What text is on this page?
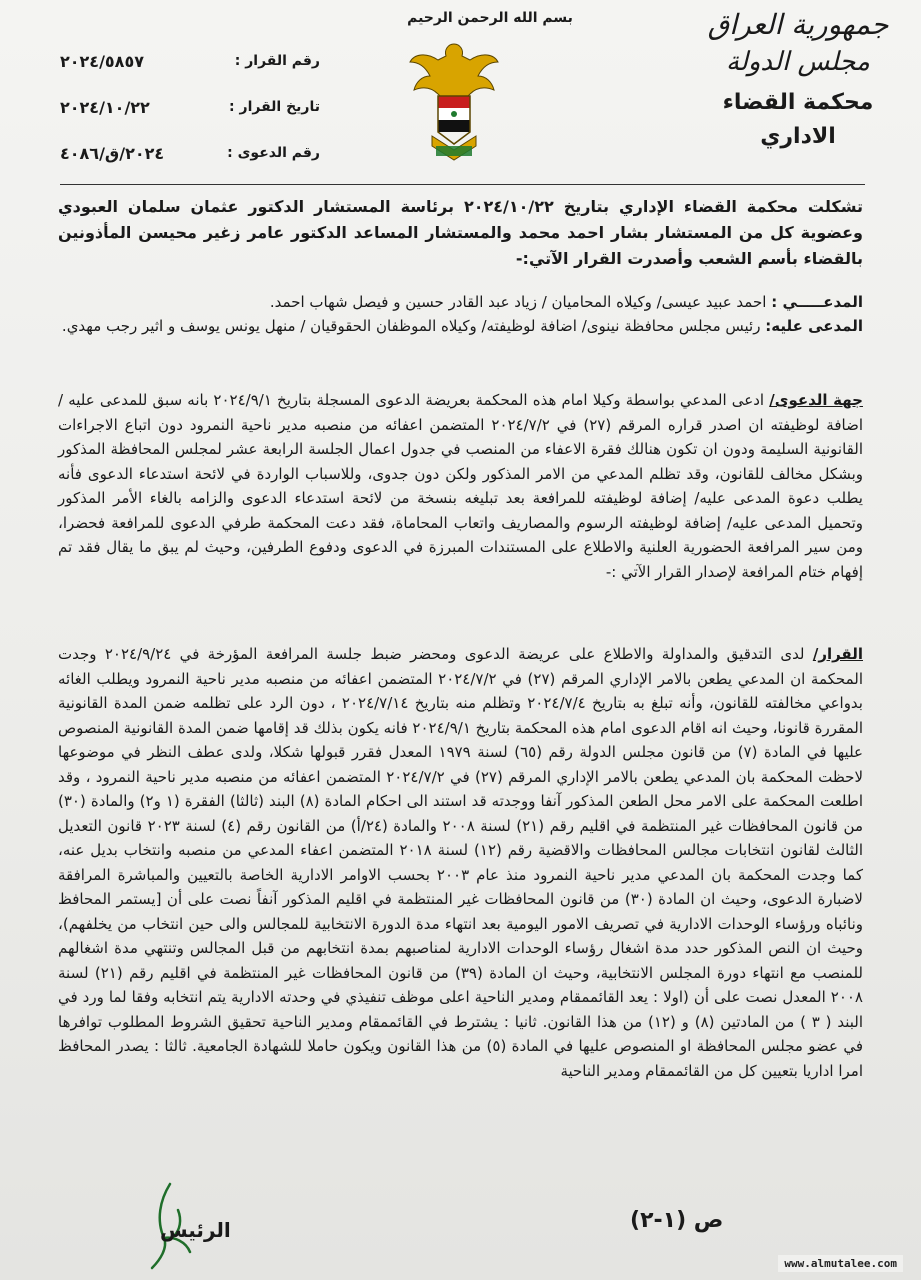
بسم الله الرحمن الرحيم	جمهورية العراق
مجلس الدولة
محكمة القضاء الاداري
رقم القرار :
٢٠٢٤/٥٨٥٧
تاريخ القرار :
٢٠٢٤/١٠/٢٢
رقم الدعوى :
٢٠٢٤/ق/٤٠٨٦
تشكلت محكمة القضاء الإداري بتاريخ ٢٠٢٤/١٠/٢٢ برئاسة المستشار الدكتور عثمان سلمان العبودي وعضوية كل من المستشار بشار احمد محمد والمستشار المساعد الدكتور عامر زغير محيسن المأذونين بالقضاء بأسم الشعب وأصدرت القرار الآتي:-
المدعـــــي : احمد عبيد عيسى/ وكيلاه المحاميان / زياد عبد القادر حسين و فيصل شهاب احمد.
المدعى عليه: رئيس مجلس محافظة نينوى/ اضافة لوظيفته/ وكيلاه الموظفان الحقوقيان / منهل يونس يوسف و اثير رجب مهدي.
جهة الدعوى/ ادعى المدعي بواسطة وكيلا امام هذه المحكمة بعريضة الدعوى المسجلة بتاريخ ٢٠٢٤/٩/١ بانه سبق للمدعى عليه / اضافة لوظيفته ان اصدر قراره المرقم (٢٧) في ٢٠٢٤/٧/٢ المتضمن اعفائه من منصبه مدير ناحية النمرود دون اتباع الاجراءات القانونية السليمة ودون ان تكون هنالك فقرة الاعفاء من المنصب في جدول اعمال الجلسة الرابعة عشر لمجلس المحافظة المذكور وبشكل مخالف للقانون، وقد تظلم المدعي من الامر المذكور ولكن دون جدوى، وللاسباب الواردة في لائحة استدعاء الدعوى فأنه يطلب دعوة المدعى عليه/ إضافة لوظيفته للمرافعة بعد تبليغه بنسخة من لائحة استدعاء الدعوى والزامه بالغاء الأمر المذكور وتحميل المدعى عليه/ إضافة لوظيفته الرسوم والمصاريف واتعاب المحاماة، فقد دعت المحكمة طرفي الدعوى للمرافعة فحضرا، ومن سير المرافعة الحضورية العلنية والاطلاع على المستندات المبرزة في الدعوى ودفوع الطرفين، وحيث لم يبق ما يقال فقد تم إفهام ختام المرافعة لإصدار القرار الآتي :-
القرار/ لدى التدقيق والمداولة والاطلاع على عريضة الدعوى ومحضر ضبط جلسة المرافعة المؤرخة في ٢٠٢٤/٩/٢٤ وجدت المحكمة ان المدعي يطعن بالامر الإداري المرقم (٢٧) في ٢٠٢٤/٧/٢ المتضمن اعفائه من منصبه مدير ناحية النمرود ويطلب الغائه بدواعي مخالفته للقانون، وأنه تبلغ به بتاريخ ٢٠٢٤/٧/٤ وتظلم منه بتاريخ ٢٠٢٤/٧/١٤ ، دون الرد على تظلمه ضمن المدة القانونية المقررة قانونا، وحيث انه اقام الدعوى امام هذه المحكمة بتاريخ ٢٠٢٤/٩/١ فانه يكون بذلك قد إقامها ضمن المدة القانونية المنصوص عليها في المادة (٧) من قانون مجلس الدولة رقم (٦٥) لسنة ١٩٧٩ المعدل فقرر قبولها شكلا، ولدى عطف النظر في موضوعها لاحظت المحكمة بان المدعي يطعن بالامر الإداري المرقم (٢٧) في ٢٠٢٤/٧/٢ المتضمن اعفائه من منصبه مدير ناحية النمرود ، وقد اطلعت المحكمة على الامر محل الطعن المذكور آنفا ووجدته قد استند الى احكام المادة (٨) البند (ثالثا) الفقرة (١ و٢) والمادة (٣٠) من قانون المحافظات غير المنتظمة في اقليم رقم (٢١) لسنة ٢٠٠٨ والمادة (٢٤/أ) من القانون رقم (٤) لسنة ٢٠٢٣ قانون التعديل الثالث لقانون انتخابات مجالس المحافظات والاقضية رقم (١٢) لسنة ٢٠١٨ المتضمن اعفاء المدعي من منصبه وانتخاب بديل عنه، كما وجدت المحكمة بان المدعي مدير ناحية النمرود منذ عام ٢٠٠٣ بحسب الاوامر الادارية الخاصة بالتعيين والمباشرة المرافقة لاضبارة الدعوى، وحيث ان المادة (٣٠) من قانون المحافظات غير المنتظمة في اقليم المذكور آنفاً نصت على أن [يستمر المحافظ ونائباه ورؤساء الوحدات الادارية في تصريف الامور اليومية بعد انتهاء مدة الدورة الانتخابية للمجالس والى حين انتخاب من يخلفهم)، وحيث ان النص المذكور حدد مدة اشغال رؤساء الوحدات الادارية لمناصبهم بمدة انتخابهم من قبل المجالس وتنتهي مدة اشغالهم للمنصب مع انتهاء دورة المجلس الانتخابية، وحيث ان المادة (٣٩) من قانون المحافظات غير المنتظمة في اقليم رقم (٢١) لسنة ٢٠٠٨ المعدل نصت على أن (اولا : يعد القائممقام ومدير الناحية اعلى موظف تنفيذي في وحدته الادارية يتم انتخابه وفقا لما ورد في البند ( ٣ ) من المادتين (٨) و (١٢) من هذا القانون. ثانيا : يشترط في القائممقام ومدير الناحية تحقيق الشروط المطلوب توافرها في عضو مجلس المحافظة او المنصوص عليها في المادة (٥) من هذا القانون ويكون حاملا للشهادة الجامعية. ثالثا : يصدر المحافظ امرا اداريا بتعيين كل من القائممقام ومدير الناحية
ص (١-٢)
الرئيس
www.almutalee.com
